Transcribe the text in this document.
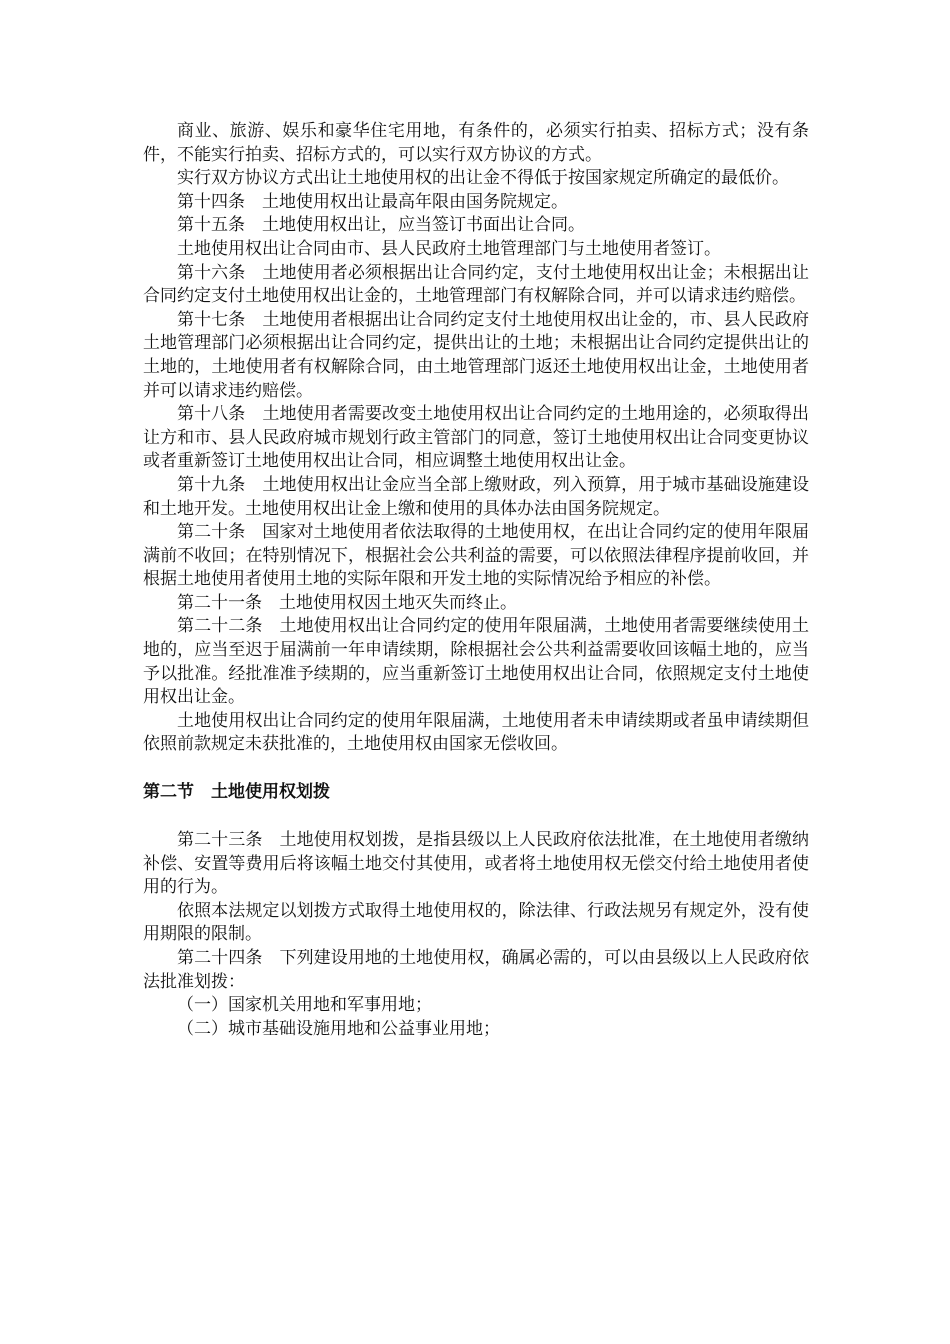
商业、旅游、娱乐和豪华住宅用地，有条件的，必须实行拍卖、招标方式；没有条件，不能实行拍卖、招标方式的，可以实行双方协议的方式。

实行双方协议方式出让土地使用权的出让金不得低于按国家规定所确定的最低价。

第十四条 土地使用权出让最高年限由国务院规定。

第十五条 土地使用权出让，应当签订书面出让合同。

土地使用权出让合同由市、县人民政府土地管理部门与土地使用者签订。

第十六条 土地使用者必须根据出让合同约定，支付土地使用权出让金；未根据出让合同约定支付土地使用权出让金的，土地管理部门有权解除合同，并可以请求违约赔偿。

第十七条 土地使用者根据出让合同约定支付土地使用权出让金的，市、县人民政府土地管理部门必须根据出让合同约定，提供出让的土地；未根据出让合同约定提供出让的土地的，土地使用者有权解除合同，由土地管理部门返还土地使用权出让金，土地使用者并可以请求违约赔偿。

第十八条 土地使用者需要改变土地使用权出让合同约定的土地用途的，必须取得出让方和市、县人民政府城市规划行政主管部门的同意，签订土地使用权出让合同变更协议或者重新签订土地使用权出让合同，相应调整土地使用权出让金。

第十九条 土地使用权出让金应当全部上缴财政，列入预算，用于城市基础设施建设和土地开发。土地使用权出让金上缴和使用的具体办法由国务院规定。

第二十条 国家对土地使用者依法取得的土地使用权，在出让合同约定的使用年限届满前不收回；在特别情况下，根据社会公共利益的需要，可以依照法律程序提前收回，并根据土地使用者使用土地的实际年限和开发土地的实际情况给予相应的补偿。

第二十一条 土地使用权因土地灭失而终止。

第二十二条 土地使用权出让合同约定的使用年限届满，土地使用者需要继续使用土地的，应当至迟于届满前一年申请续期，除根据社会公共利益需要收回该幅土地的，应当予以批准。经批准准予续期的，应当重新签订土地使用权出让合同，依照规定支付土地使用权出让金。

土地使用权出让合同约定的使用年限届满，土地使用者未申请续期或者虽申请续期但依照前款规定未获批准的，土地使用权由国家无偿收回。

第二节　土地使用权划拨

第二十三条 土地使用权划拨，是指县级以上人民政府依法批准，在土地使用者缴纳补偿、安置等费用后将该幅土地交付其使用，或者将土地使用权无偿交付给土地使用者使用的行为。

依照本法规定以划拨方式取得土地使用权的，除法律、行政法规另有规定外，没有使用期限的限制。

第二十四条 下列建设用地的土地使用权，确属必需的，可以由县级以上人民政府依法批准划拨：

（一）国家机关用地和军事用地；

（二）城市基础设施用地和公益事业用地；
